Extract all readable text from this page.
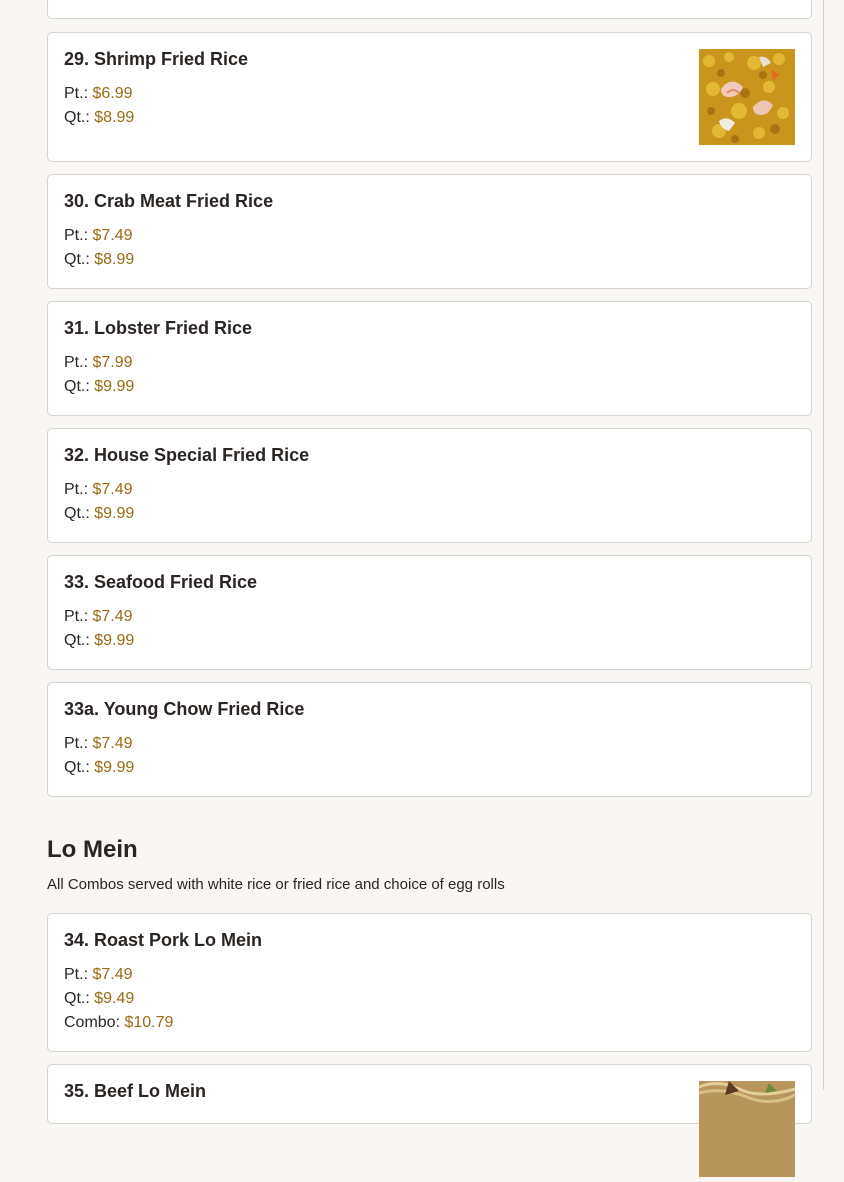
29. Shrimp Fried Rice
Pt.: $6.99
Qt.: $8.99
30. Crab Meat Fried Rice
Pt.: $7.49
Qt.: $8.99
31. Lobster Fried Rice
Pt.: $7.99
Qt.: $9.99
32. House Special Fried Rice
Pt.: $7.49
Qt.: $9.99
33. Seafood Fried Rice
Pt.: $7.49
Qt.: $9.99
33a. Young Chow Fried Rice
Pt.: $7.49
Qt.: $9.99
Lo Mein
All Combos served with white rice or fried rice and choice of egg rolls
34. Roast Pork Lo Mein
Pt.: $7.49
Qt.: $9.49
Combo: $10.79
35. Beef Lo Mein
